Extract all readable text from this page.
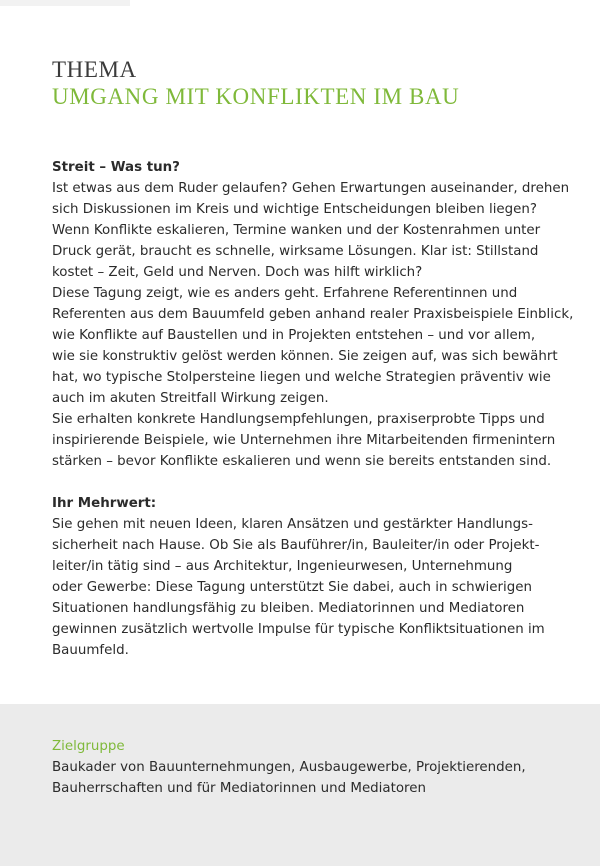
THEMA
UMGANG MIT KONFLIKTEN IM BAU
Streit – Was tun?

Ist etwas aus dem Ruder gelaufen? Gehen Erwartungen auseinander, drehen
sich Diskussionen im Kreis und wichtige Entscheidungen bleiben liegen?
Wenn Konflikte eskalieren, Termine wanken und der Kostenrahmen unter
Druck gerät, braucht es schnelle, wirksame Lösungen. Klar ist: Stillstand
kostet – Zeit, Geld und Nerven. Doch was hilft wirklich?

Diese Tagung zeigt, wie es anders geht. Erfahrene Referentinnen und
Referenten aus dem Bauumfeld geben anhand realer Praxisbeispiele Einblick,
wie Konflikte auf Baustellen und in Projekten entstehen – und vor allem,
wie sie konstruktiv gelöst werden können. Sie zeigen auf, was sich bewährt
hat, wo typische Stolpersteine liegen und welche Strategien präventiv wie
auch im akuten Streitfall Wirkung zeigen.

Sie erhalten konkrete Handlungsempfehlungen, praxiserprobte Tipps und
inspirierende Beispiele, wie Unternehmen ihre Mitarbeitenden firmenintern
stärken – bevor Konflikte eskalieren und wenn sie bereits entstanden sind.

Ihr Mehrwert:

Sie gehen mit neuen Ideen, klaren Ansätzen und gestärkter Handlungs-
sicherheit nach Hause. Ob Sie als Bauführer/in, Bauleiter/in oder Projekt-
leiter/in tätig sind – aus Architektur, Ingenieurwesen, Unternehmung
oder Gewerbe: Diese Tagung unterstützt Sie dabei, auch in schwierigen
Situationen handlungsfähig zu bleiben. Mediatorinnen und Mediatoren
gewinnen zusätzlich wertvolle Impulse für typische Konfliktsituationen im
Bauumfeld.

Zielgruppe
Baukader von Bauunternehmungen, Ausbaugewerbe, Projektierenden,
Bauherrschaften und für Mediatorinnen und Mediatoren
